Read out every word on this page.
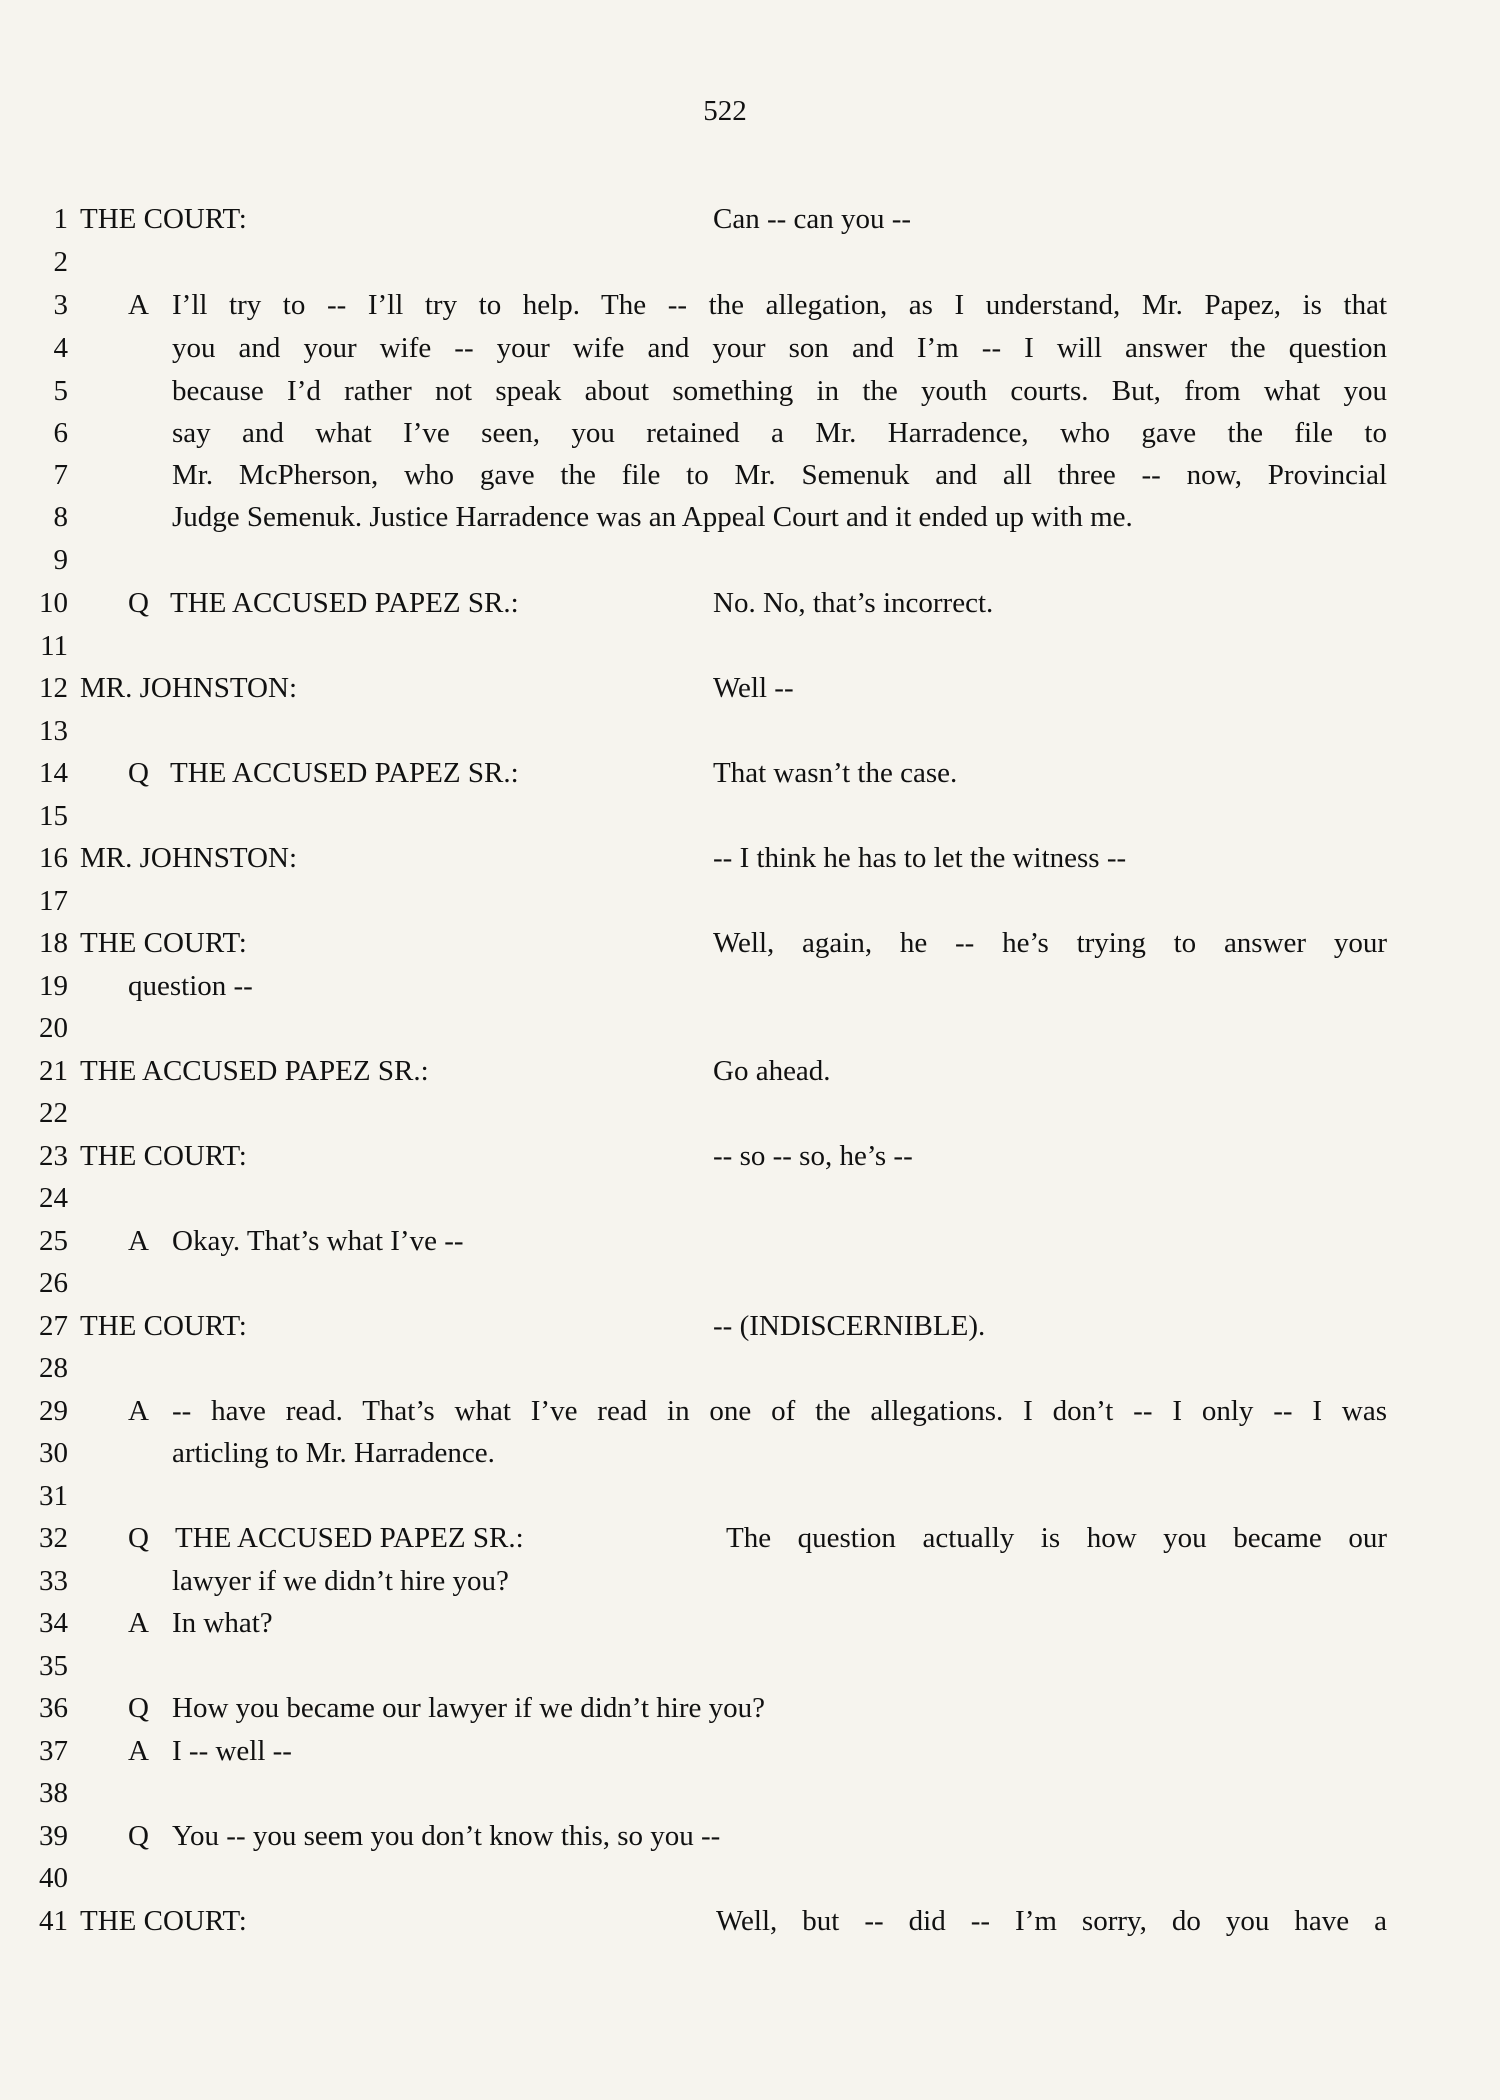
522
1 THE COURT:	Can -- can you --
2
3 A I’ll try to -- I’ll try to help. The -- the allegation, as I understand, Mr. Papez, is that
4	you and your wife -- your wife and your son and I’m -- I will answer the question
5	because I’d rather not speak about something in the youth courts. But, from what you
6	say and what I’ve seen, you retained a Mr. Harradence, who gave the file to
7	Mr. McPherson, who gave the file to Mr. Semenuk and all three -- now, Provincial
8	Judge Semenuk. Justice Harradence was an Appeal Court and it ended up with me.
9
10 Q THE ACCUSED PAPEZ SR.:	No. No, that’s incorrect.
11
12 MR. JOHNSTON:	Well --
13
14 Q THE ACCUSED PAPEZ SR.:	That wasn’t the case.
15
16 MR. JOHNSTON:	-- I think he has to let the witness --
17
18 THE COURT:	Well, again, he -- he’s trying to answer your
19 question --
20
21 THE ACCUSED PAPEZ SR.:	Go ahead.
22
23 THE COURT:	-- so -- so, he’s --
24
25 A Okay. That’s what I’ve --
26
27 THE COURT:	-- (INDISCERNIBLE).
28
29 A -- have read. That’s what I’ve read in one of the allegations. I don’t -- I only -- I was
30	articling to Mr. Harradence.
31
32 Q THE ACCUSED PAPEZ SR.:	The question actually is how you became our
33	lawyer if we didn’t hire you?
34 A In what?
35
36 Q How you became our lawyer if we didn’t hire you?
37 A I -- well --
38
39 Q You -- you seem you don’t know this, so you --
40
41 THE COURT:	Well, but -- did -- I’m sorry, do you have a
